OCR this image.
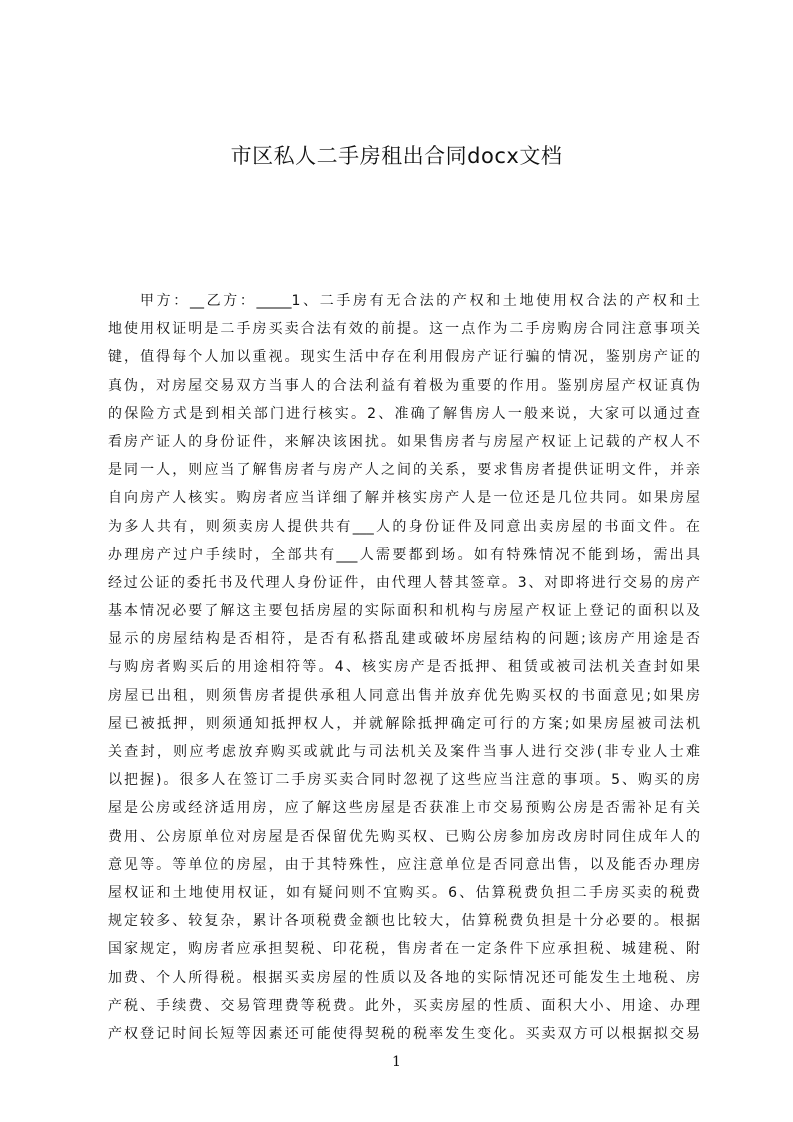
市区私人二手房租出合同docx文档
甲方：__乙方：_____1、二手房有无合法的产权和土地使用权合法的产权和土
地使用权证明是二手房买卖合法有效的前提。这一点作为二手房购房合同注意事项关
键，值得每个人加以重视。现实生活中存在利用假房产证行骗的情况，鉴别房产证的
真伪，对房屋交易双方当事人的合法利益有着极为重要的作用。鉴别房屋产权证真伪
的保险方式是到相关部门进行核实。2、准确了解售房人一般来说，大家可以通过查
看房产证人的身份证件，来解决该困扰。如果售房者与房屋产权证上记载的产权人不
是同一人，则应当了解售房者与房产人之间的关系，要求售房者提供证明文件，并亲
自向房产人核实。购房者应当详细了解并核实房产人是一位还是几位共同。如果房屋
为多人共有，则须卖房人提供共有___人的身份证件及同意出卖房屋的书面文件。在
办理房产过户手续时，全部共有___人需要都到场。如有特殊情况不能到场，需出具
经过公证的委托书及代理人身份证件，由代理人替其签章。3、对即将进行交易的房产
基本情况必要了解这主要包括房屋的实际面积和机构与房屋产权证上登记的面积以及
显示的房屋结构是否相符，是否有私搭乱建或破坏房屋结构的问题;该房产用途是否
与购房者购买后的用途相符等。4、核实房产是否抵押、租赁或被司法机关查封如果
房屋已出租，则须售房者提供承租人同意出售并放弃优先购买权的书面意见;如果房
屋已被抵押，则须通知抵押权人，并就解除抵押确定可行的方案;如果房屋被司法机
关查封，则应考虑放弃购买或就此与司法机关及案件当事人进行交涉(非专业人士难
以把握)。很多人在签订二手房买卖合同时忽视了这些应当注意的事项。5、购买的房
屋是公房或经济适用房，应了解这些房屋是否获准上市交易预购公房是否需补足有关
费用、公房原单位对房屋是否保留优先购买权、已购公房参加房改房时同住成年人的
意见等。等单位的房屋，由于其特殊性，应注意单位是否同意出售，以及能否办理房
屋权证和土地使用权证，如有疑问则不宜购买。6、估算税费负担二手房买卖的税费
规定较多、较复杂，累计各项税费金额也比较大，估算税费负担是十分必要的。根据
国家规定，购房者应承担契税、印花税，售房者在一定条件下应承担税、城建税、附
加费、个人所得税。根据买卖房屋的性质以及各地的实际情况还可能发生土地税、房
产税、手续费、交易管理费等税费。此外，买卖房屋的性质、面积大小、用途、办理
产权登记时间长短等因素还可能使得契税的税率发生变化。买卖双方可以根据拟交易
1
